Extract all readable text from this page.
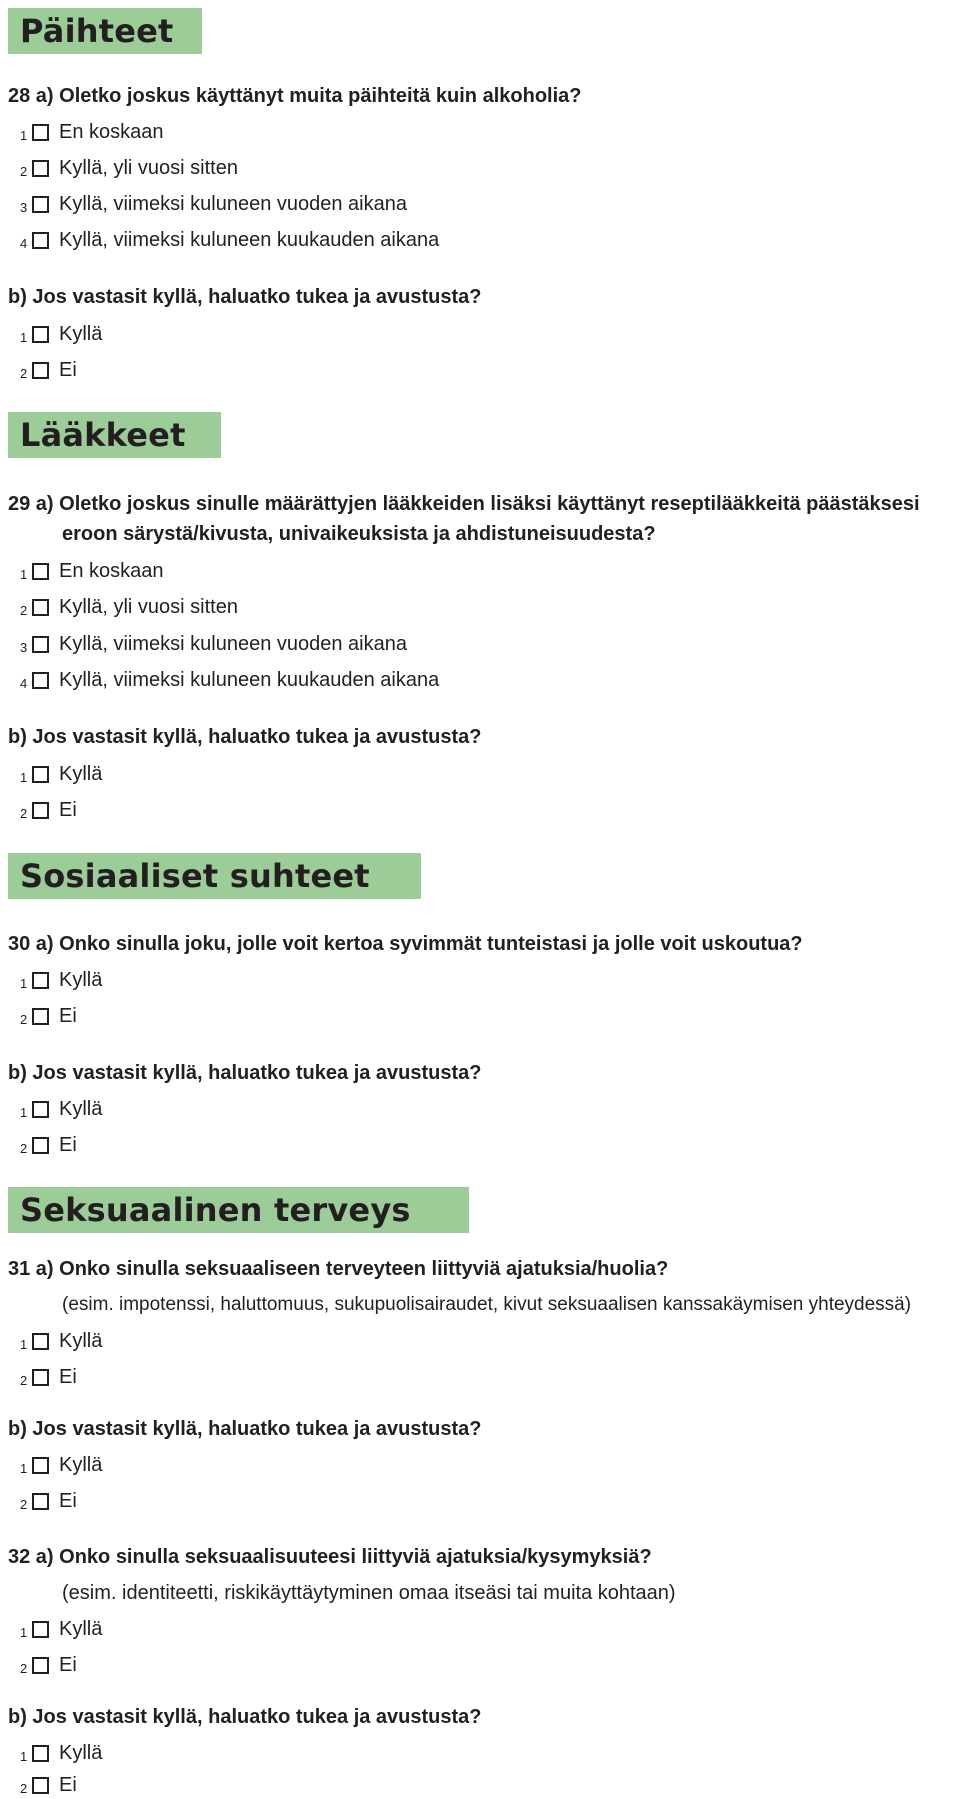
Päihteet
28 a) Oletko joskus käyttänyt muita päihteitä kuin alkoholia?
1 En koskaan
2 Kyllä, yli vuosi sitten
3 Kyllä, viimeksi kuluneen vuoden aikana
4 Kyllä, viimeksi kuluneen kuukauden aikana
b) Jos vastasit kyllä, haluatko tukea ja avustusta?
1 Kyllä
2 Ei
Lääkkeet
29 a) Oletko joskus sinulle määrättyjen lääkkeiden lisäksi käyttänyt reseptilääkkeitä päästäksesi
eroon särystä/kivusta, univaikeuksista ja ahdistuneisuudesta?
1 En koskaan
2 Kyllä, yli vuosi sitten
3 Kyllä, viimeksi kuluneen vuoden aikana
4 Kyllä, viimeksi kuluneen kuukauden aikana
b) Jos vastasit kyllä, haluatko tukea ja avustusta?
1 Kyllä
2 Ei
Sosiaaliset suhteet
30 a) Onko sinulla joku, jolle voit kertoa syvimmät tunteistasi ja jolle voit uskoutua?
1 Kyllä
2 Ei
b) Jos vastasit kyllä, haluatko tukea ja avustusta?
1 Kyllä
2 Ei
Seksuaalinen terveys
31 a) Onko sinulla seksuaaliseen terveyteen liittyviä ajatuksia/huolia?
(esim. impotenssi, haluttomuus, sukupuolisairaudet, kivut seksuaalisen kanssakäymisen yhteydessä)
1 Kyllä
2 Ei
b) Jos vastasit kyllä, haluatko tukea ja avustusta?
1 Kyllä
2 Ei
32 a) Onko sinulla seksuaalisuuteesi liittyviä ajatuksia/kysymyksiä?
(esim. identiteetti, riskikäyttäytyminen omaa itseäsi tai muita kohtaan)
1 Kyllä
2 Ei
b) Jos vastasit kyllä, haluatko tukea ja avustusta?
1 Kyllä
2 Ei
